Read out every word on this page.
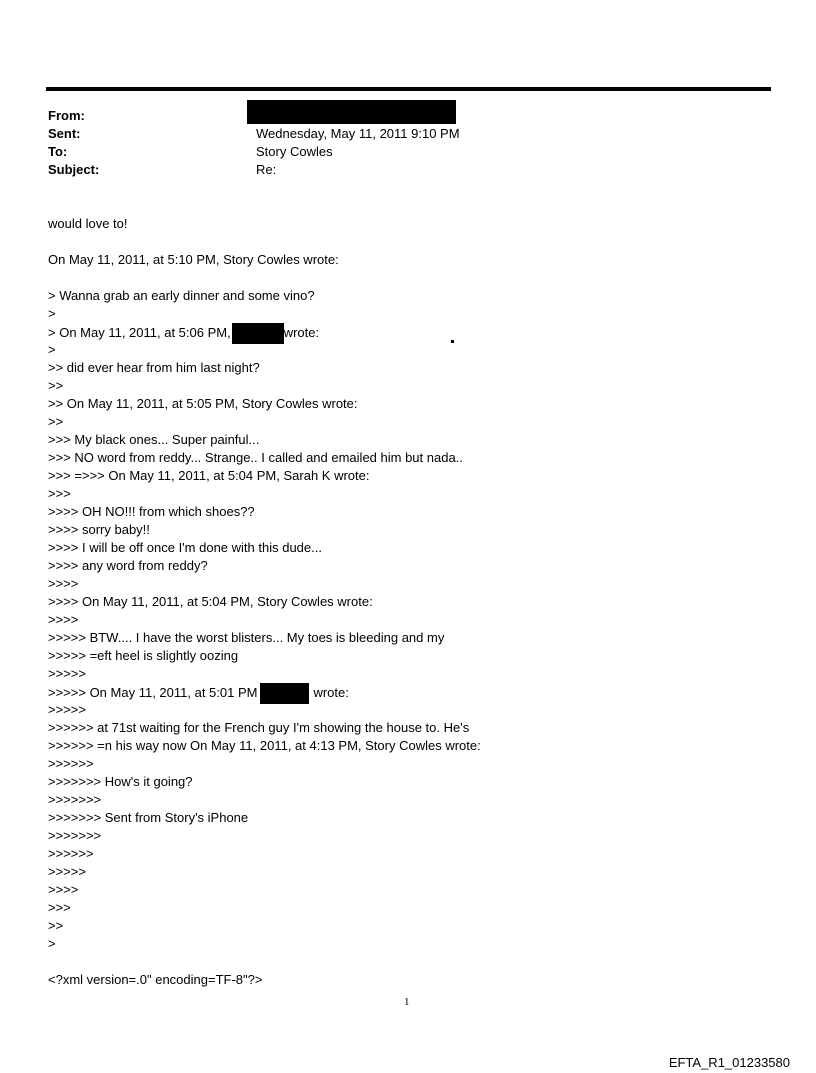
From:
Sent:	Wednesday, May 11, 2011 9:10 PM
To:	Story Cowles
Subject:	Re:
would love to!
On May 11, 2011, at 5:10 PM, Story Cowles wrote:
> Wanna grab an early dinner and some vino?
>
> On May 11, 2011, at 5:06 PM,	wrote:
>
>> did ever hear from him last night?
>>
>> On May 11, 2011, at 5:05 PM, Story Cowles wrote:
>>
>>> My black ones... Super painful...
>>> NO word from reddy... Strange.. I called and emailed him but nada..
>>> =>>> On May 11, 2011, at 5:04 PM, Sarah K wrote:
>>>
>>>> OH NO!!! from which shoes??
>>>> sorry baby!!
>>>> I will be off once I'm done with this dude...
>>>> any word from reddy?
>>>>
>>>> On May 11, 2011, at 5:04 PM, Story Cowles wrote:
>>>>
>>>>> BTW.... I have the worst blisters... My toes is bleeding and my
>>>>> =eft heel is slightly oozing
>>>>>
>>>>> On May 11, 2011, at 5:01 PM	wrote:
>>>>>
>>>>>> at 71st waiting for the French guy I'm showing the house to. He's
>>>>>> =n his way now On May 11, 2011, at 4:13 PM, Story Cowles wrote:
>>>>>>
>>>>>>> How's it going?
>>>>>>>
>>>>>>> Sent from Story's iPhone
>>>>>>>
>>>>>>
>>>>>
>>>>
>>>
>>
>
<?xml version=.0" encoding=TF-8"?>
1
EFTA_R1_01233580
